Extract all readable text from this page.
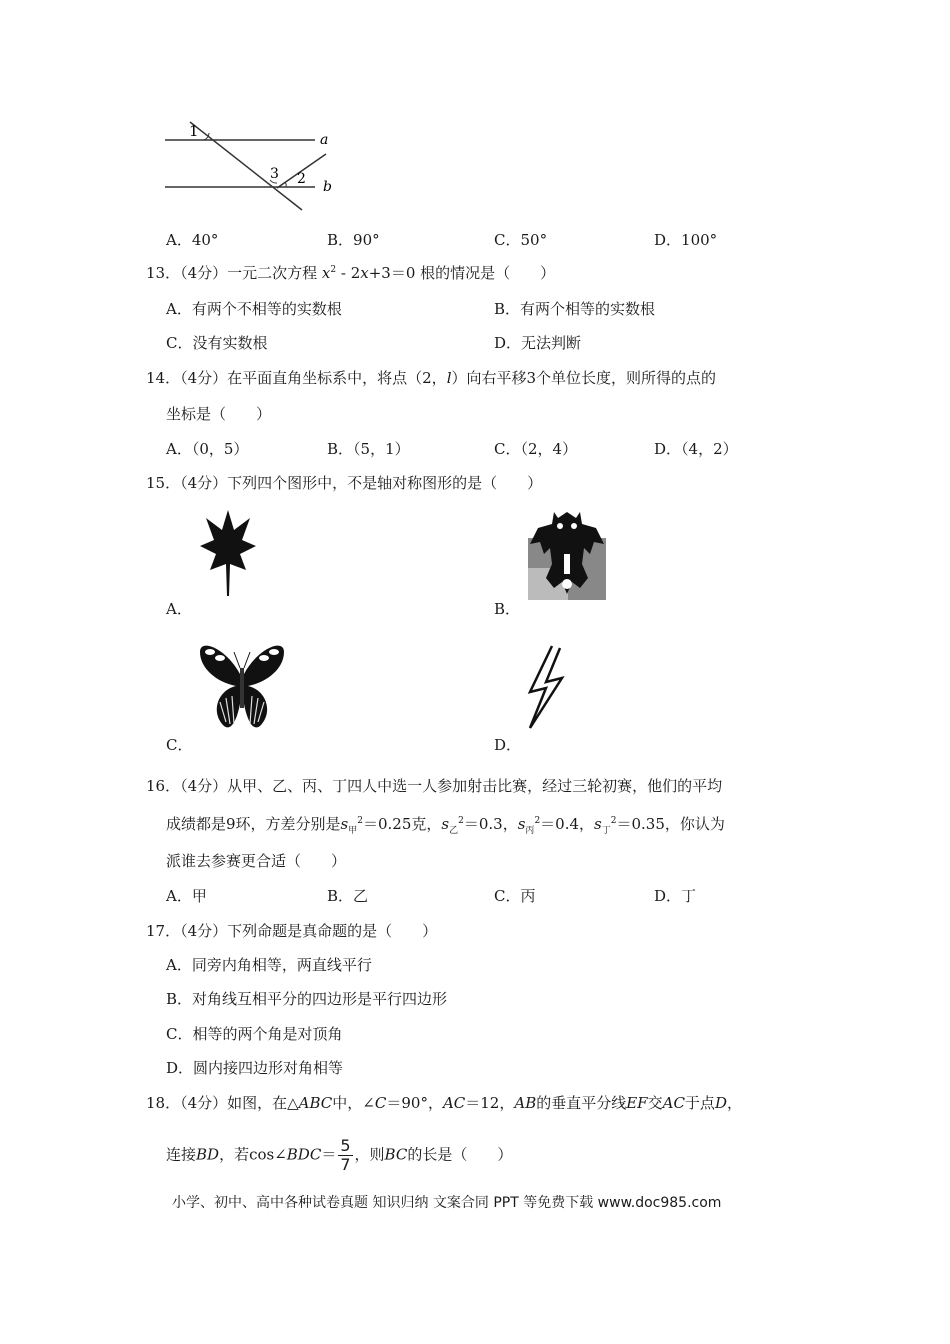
1
3 2
a
b
A．40°	B．90°	C．50°	D．100°
13．（4分）一元二次方程 $x^2$ ‑ 2x+3＝0 根的情况是（　　）
A．有两个不相等的实数根	B．有两个相等的实数根
C．没有实数根	D．无法判断
14．（4分）在平面直角坐标系中，将点（2，l）向右平移3个单位长度，则所得的点的
坐标是（　　）
A．（0，5）	B．（5，1）	C．（2，4）	D．（4，2）
15．（4分）下列四个图形中，不是轴对称图形的是（　　）
A．	B．
C．	D．
16．（4分）从甲、乙、丙、丁四人中选一人参加射击比赛，经过三轮初赛，他们的平均
成绩都是9环，方差分别是$s_甲^2=0.25$克，$s_乙^2=0.3$，$s_丙^2=0.4$，$s_丁^2=0.35$，你认为
派谁去参赛更合适（　　）
A．甲	B．乙	C．丙	D．丁
17．（4分）下列命题是真命题的是（　　）
A．同旁内角相等，两直线平行
B．对角线互相平分的四边形是平行四边形
C．相等的两个角是对顶角
D．圆内接四边形对角相等
18．（4分）如图，在△ABC中，∠C＝90°，AC＝12，AB的垂直平分线EF交AC于点D，
连接BD，若cos∠BDC＝ $\frac{5}{7}$ ，则BC的长是（　　）
小学、初中、高中各种试卷真题 知识归纳 文案合同 PPT 等免费下载 www.doc985.com
